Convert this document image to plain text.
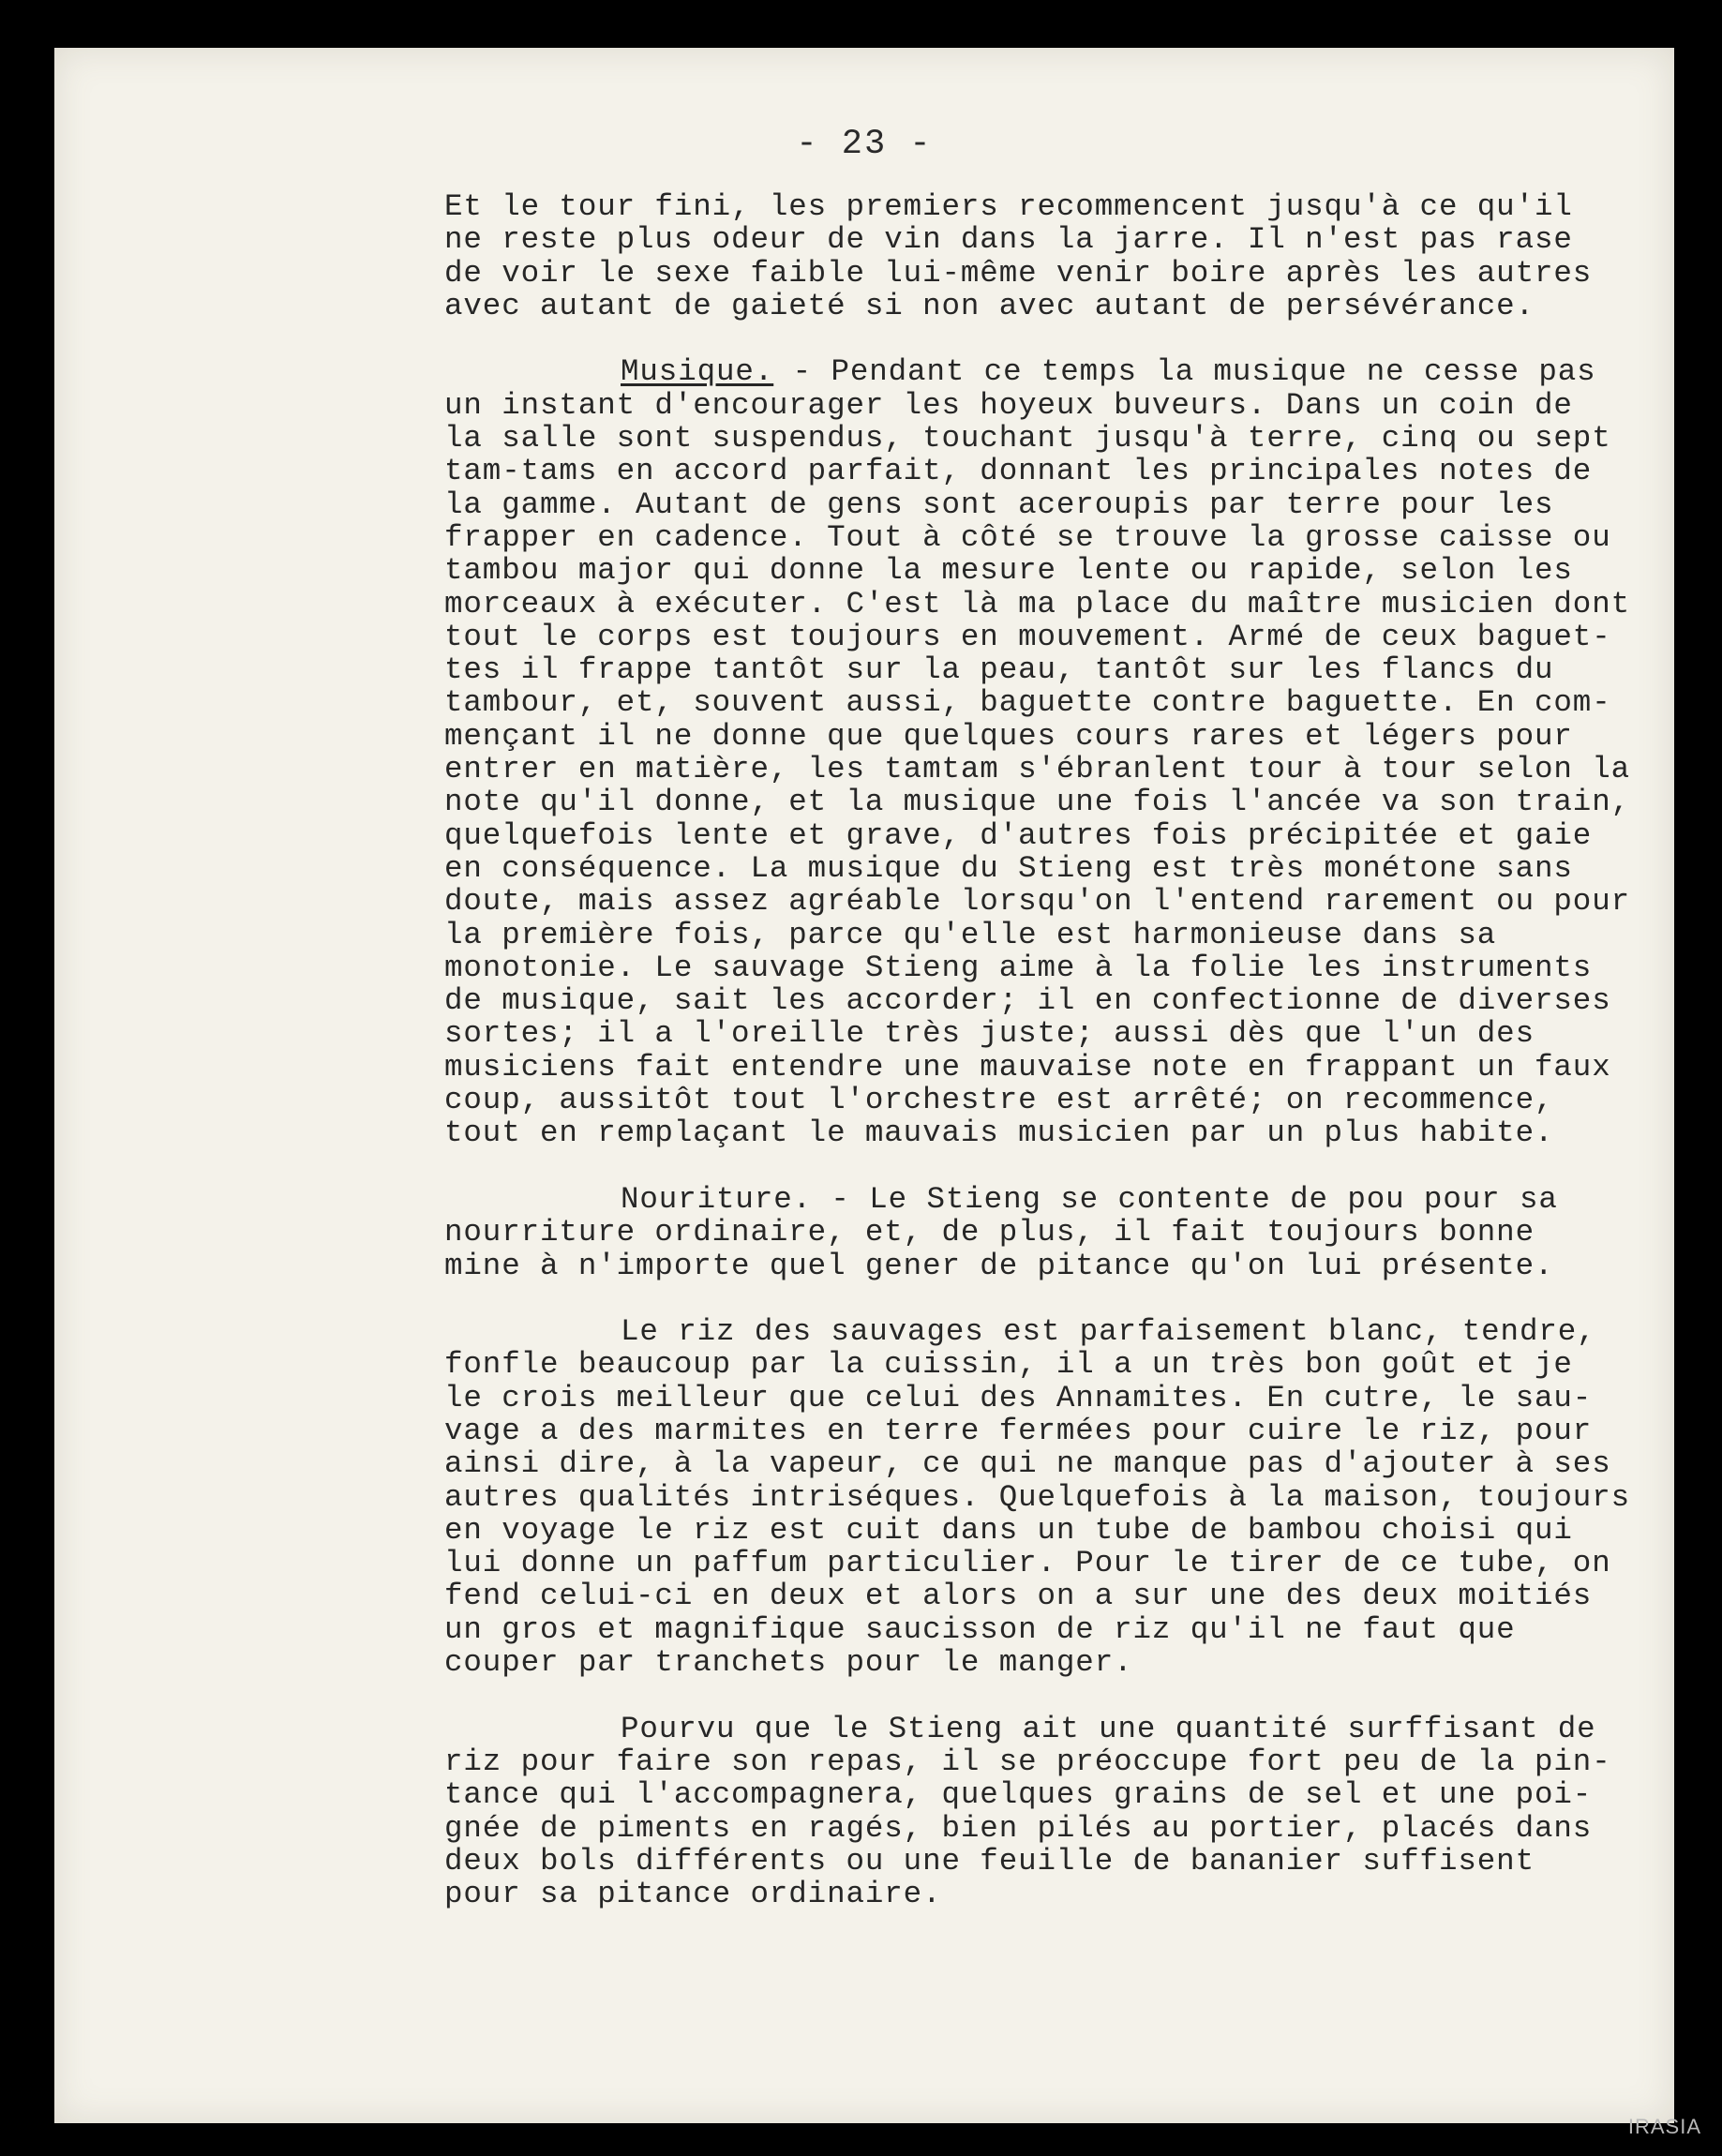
- 23 -

Et le tour fini, les premiers recommencent jusqu'à ce qu'il
ne reste plus odeur de vin dans la jarre. Il n'est pas rase
de voir le sexe faible lui-même venir boire après les autres
avec autant de gaieté si non avec autant de persévérance.

Musique. - Pendant ce temps la musique ne cesse pas
un instant d'encourager les hoyeux buveurs. Dans un coin de
la salle sont suspendus, touchant jusqu'à terre, cinq ou sept
tam-tams en accord parfait, donnant les principales notes de
la gamme. Autant de gens sont aceroupis par terre pour les
frapper en cadence. Tout à côté se trouve la grosse caisse ou
tambou major qui donne la mesure lente ou rapide, selon les
morceaux à exécuter. C'est là ma place du maître musicien dont
tout le corps est toujours en mouvement. Armé de ceux baguet-
tes il frappe tantôt sur la peau, tantôt sur les flancs du
tambour, et, souvent aussi, baguette contre baguette. En com-
mençant il ne donne que quelques cours rares et légers pour
entrer en matière, les tamtam s'ébranlent tour à tour selon la
note qu'il donne, et la musique une fois l'ancée va son train,
quelquefois lente et grave, d'autres fois précipitée et gaie
en conséquence. La musique du Stieng est très monétone sans
doute, mais assez agréable lorsqu'on l'entend rarement ou pour
la première fois, parce qu'elle est harmonieuse dans sa
monotonie. Le sauvage Stieng aime à la folie les instruments
de musique, sait les accorder; il en confectionne de diverses
sortes; il a l'oreille très juste; aussi dès que l'un des
musiciens fait entendre une mauvaise note en frappant un faux
coup, aussitôt tout l'orchestre est arrêté; on recommence,
tout en remplaçant le mauvais musicien par un plus habite.

Nouriture. - Le Stieng se contente de pou pour sa
nourriture ordinaire, et, de plus, il fait toujours bonne
mine à n'importe quel gener de pitance qu'on lui présente.

Le riz des sauvages est parfaisement blanc, tendre,
fonfle beaucoup par la cuissin, il a un très bon goût et je
le crois meilleur que celui des Annamites. En cutre, le sau-
vage a des marmites en terre fermées pour cuire le riz, pour
ainsi dire, à la vapeur, ce qui ne manque pas d'ajouter à ses
autres qualités intriséques. Quelquefois à la maison, toujours
en voyage le riz est cuit dans un tube de bambou choisi qui
lui donne un paffum particulier. Pour le tirer de ce tube, on
fend celui-ci en deux et alors on a sur une des deux moitiés
un gros et magnifique saucisson de riz qu'il ne faut que
couper par tranchets pour le manger.

Pourvu que le Stieng ait une quantité surffisant de
riz pour faire son repas, il se préoccupe fort peu de la pin-
tance qui l'accompagnera, quelques grains de sel et une poi-
gnée de piments en ragés, bien pilés au portier, placés dans
deux bols différents ou une feuille de bananier suffisent
pour sa pitance ordinaire.

IRASIA
